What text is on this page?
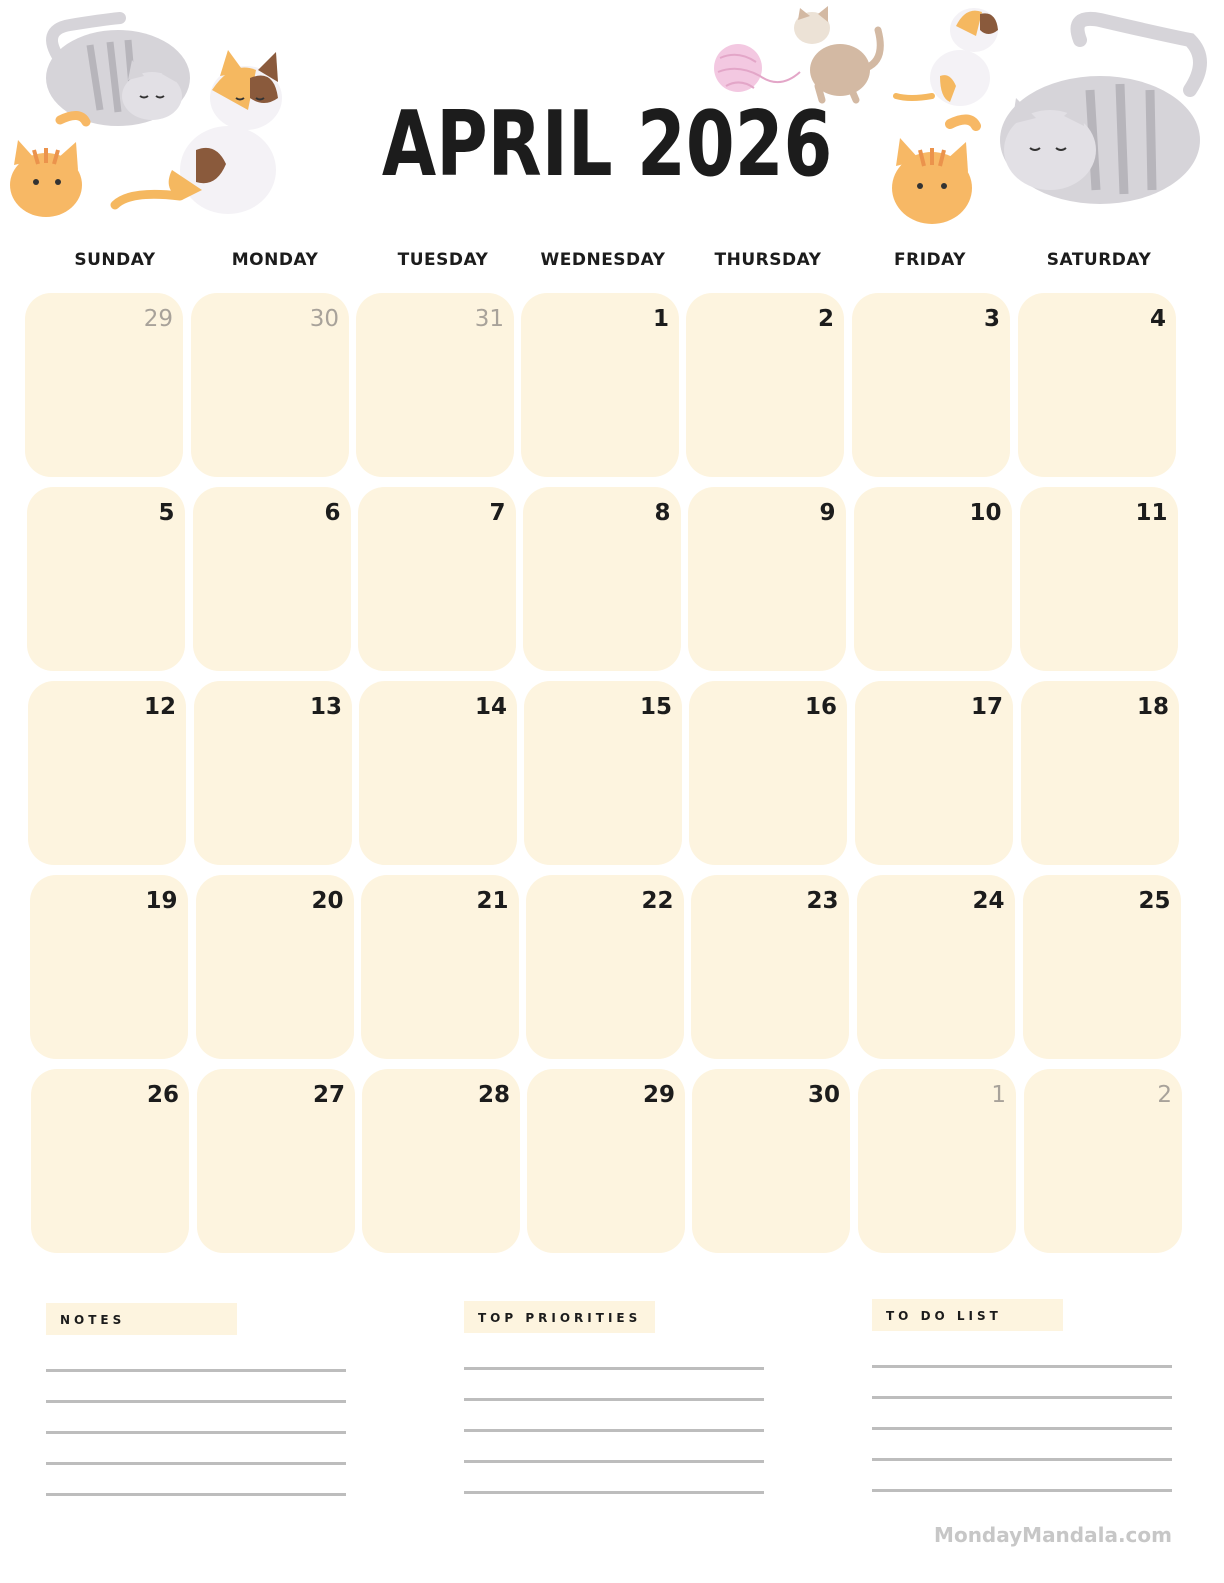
APRIL 2026
SUNDAY	MONDAY	TUESDAY	WEDNESDAY	THURSDAY	FRIDAY	SATURDAY
29	30	31	1	2	3	4
5	6	7	8	9	10	11
12	13	14	15	16	17	18
19	20	21	22	23	24	25
26	27	28	29	30	1	2
NOTES	TOP PRIORITIES	TO DO LIST
MondayMandala.com
